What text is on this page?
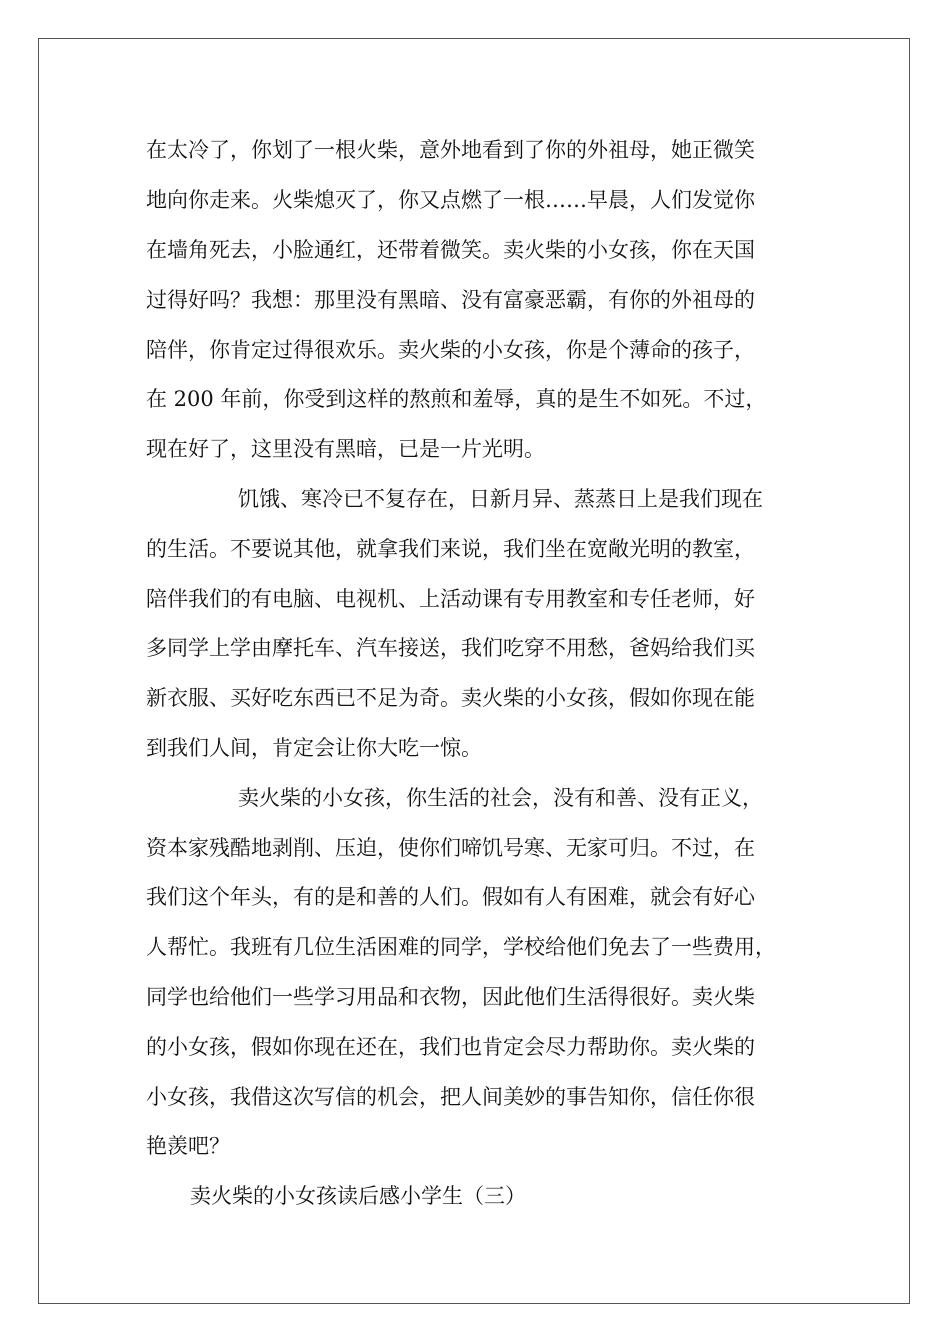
在太冷了，你划了一根火柴，意外地看到了你的外祖母，她正微笑
地向你走来。火柴熄灭了，你又点燃了一根……早晨，人们发觉你
在墙角死去，小脸通红，还带着微笑。卖火柴的小女孩，你在天国
过得好吗？我想：那里没有黑暗、没有富豪恶霸，有你的外祖母的
陪伴，你肯定过得很欢乐。卖火柴的小女孩，你是个薄命的孩子，
在 200 年前，你受到这样的熬煎和羞辱，真的是生不如死。不过，
现在好了，这里没有黑暗，已是一片光明。
饥饿、寒冷已不复存在，日新月异、蒸蒸日上是我们现在
的生活。不要说其他，就拿我们来说，我们坐在宽敞光明的教室，
陪伴我们的有电脑、电视机、上活动课有专用教室和专任老师，好
多同学上学由摩托车、汽车接送，我们吃穿不用愁，爸妈给我们买
新衣服、买好吃东西已不足为奇。卖火柴的小女孩，假如你现在能
到我们人间，肯定会让你大吃一惊。
卖火柴的小女孩，你生活的社会，没有和善、没有正义，
资本家残酷地剥削、压迫，使你们啼饥号寒、无家可归。不过，在
我们这个年头，有的是和善的人们。假如有人有困难，就会有好心
人帮忙。我班有几位生活困难的同学，学校给他们免去了一些费用，
同学也给他们一些学习用品和衣物，因此他们生活得很好。卖火柴
的小女孩，假如你现在还在，我们也肯定会尽力帮助你。卖火柴的
小女孩，我借这次写信的机会，把人间美妙的事告知你，信任你很
艳羡吧？
卖火柴的小女孩读后感小学生（三）
